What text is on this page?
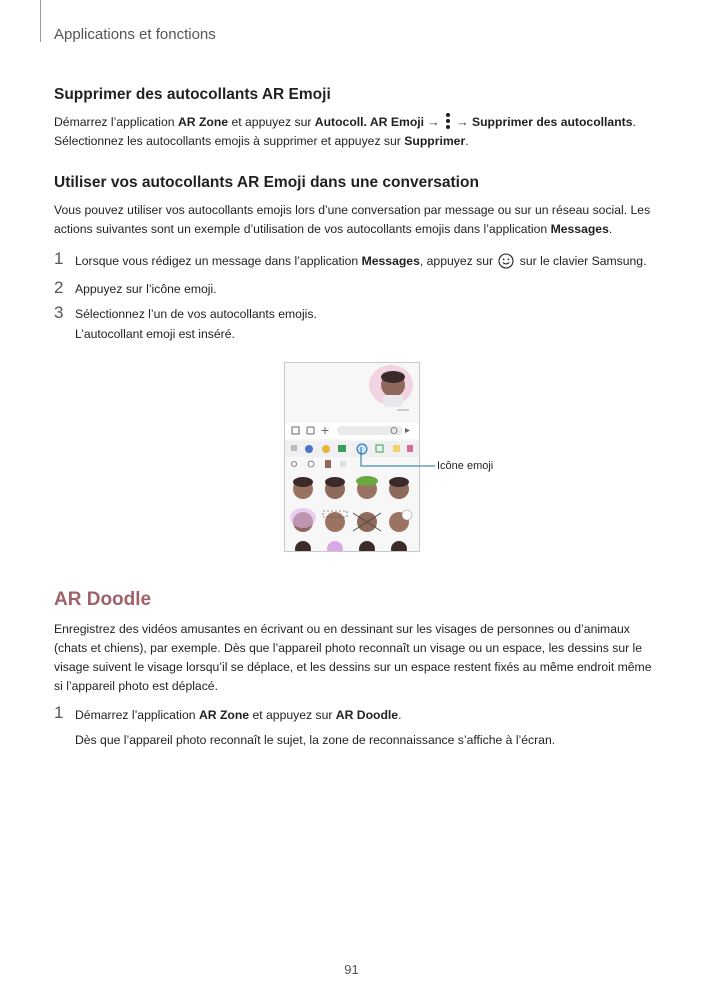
Applications et fonctions
Supprimer des autocollants AR Emoji
Démarrez l’application AR Zone et appuyez sur Autocoll. AR Emoji →  → Supprimer des autocollants.
Sélectionnez les autocollants emojis à supprimer et appuyez sur Supprimer.
Utiliser vos autocollants AR Emoji dans une conversation
Vous pouvez utiliser vos autocollants emojis lors d’une conversation par message ou sur un réseau social. Les actions suivantes sont un exemple d’utilisation de vos autocollants emojis dans l’application Messages.
1 Lorsque vous rédigez un message dans l’application Messages, appuyez sur  sur le clavier Samsung.
2 Appuyez sur l’icône emoji.
3 Sélectionnez l’un de vos autocollants emojis.
L’autocollant emoji est inséré.
Icône emoji
AR Doodle
Enregistrez des vidéos amusantes en écrivant ou en dessinant sur les visages de personnes ou d’animaux (chats et chiens), par exemple. Dès que l’appareil photo reconnaît un visage ou un espace, les dessins sur le visage suivent le visage lorsqu’il se déplace, et les dessins sur un espace restent fixés au même endroit même si l’appareil photo est déplacé.
1 Démarrez l’application AR Zone et appuyez sur AR Doodle.
Dès que l’appareil photo reconnaît le sujet, la zone de reconnaissance s’affiche à l’écran.
91
